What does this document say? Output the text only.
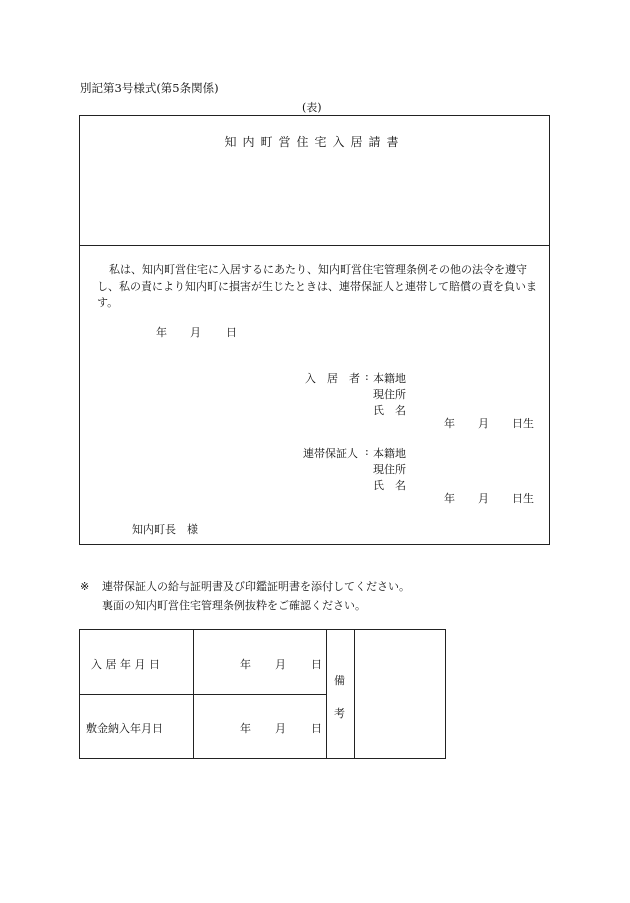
別記第3号様式(第5条関係)
(表)
知内町営住宅入居請書
私は、知内町営住宅に入居するにあたり、知内町営住宅管理条例その他の法令を遵守し、私の責により知内町に損害が生じたときは、連帯保証人と連帯して賠償の責を負います。
年 月 日
入　居　者 : 本籍地
現住所
氏　名
年 月 日生
連帯保証人 : 本籍地
現住所
氏　名
年 月 日生
知内町長　様
※	連帯保証人の給与証明書及び印鑑証明書を添付してください。
裏面の知内町営住宅管理条例抜粋をご確認ください。
入 居 年 月 日	年 月 日
敷金納入年月日	年 月 日
備
考
